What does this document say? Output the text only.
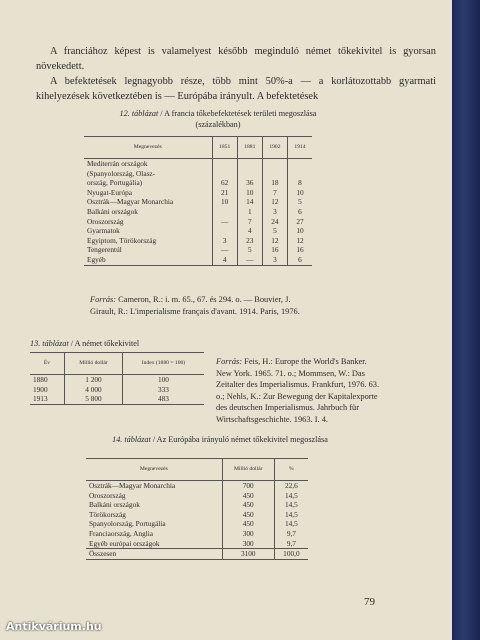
A franciához képest is valamelyest később meginduló német tőkekivitel is gyorsan növekedett.
A befektetések legnagyobb része, több mint 50%-a — a korlátozottabb gyarmati kihelyezések következtében is — Európába irányult. A befektetések
12. táblázat / A francia tőkebefektetések területi megoszlása (százalékban)
Megnevezés	1851	1881	1902	1914
Mediterrán országok				
(Spanyolország, Olasz-				
ország, Portugália)	62	36	18	8
Nyugat-Európa	21	10	7	10
Osztrák—Magyar Monarchia	10	14	12	5
Balkáni országok		1	3	6
Oroszország	—	7	24	27
Gyarmatok		4	5	10
Egyiptom, Törökország	3	23	12	12
Tengerentúl	—	5	16	16
Egyéb	4	—	3	6
Forrás: Cameron, R.: i. m. 65., 67. és 294. o. — Bouvier, J. Girault, R.: L'imperialisme français d'avant. 1914. Paris, 1976.
13. táblázat / A német tőkekivitel
Év	Millió dollár	Index (1880 = 100)
1880	1 200	100
1900	4 000	333
1913	5 800	483
Forrás: Feis, H.: Europe the World's Banker. New York. 1965. 71. o.; Mommsen, W.: Das Zeitalter des Imperialismus. Frankfurt, 1976. 63. o.; Nehls, K.: Zur Bewegung der Kapitalexporte des deutschen Imperialismus. Jahrbuch für Wirtschaftsgeschichte. 1963. I. 4.
14. táblázat / Az Európába irányuló német tőkekivitel megoszlása
Megnevezés	Millió dollár	%
Osztrák—Magyar Monarchia	700	22,6
Oroszország	450	14,5
Balkáni országok	450	14,5
Törökország	450	14,5
Spanyolország, Portugália	450	14,5
Franciaország, Anglia	300	9,7
Egyéb európai országok	300	9,7
Összesen	3100	100,0
79
Antikvárium.hu
